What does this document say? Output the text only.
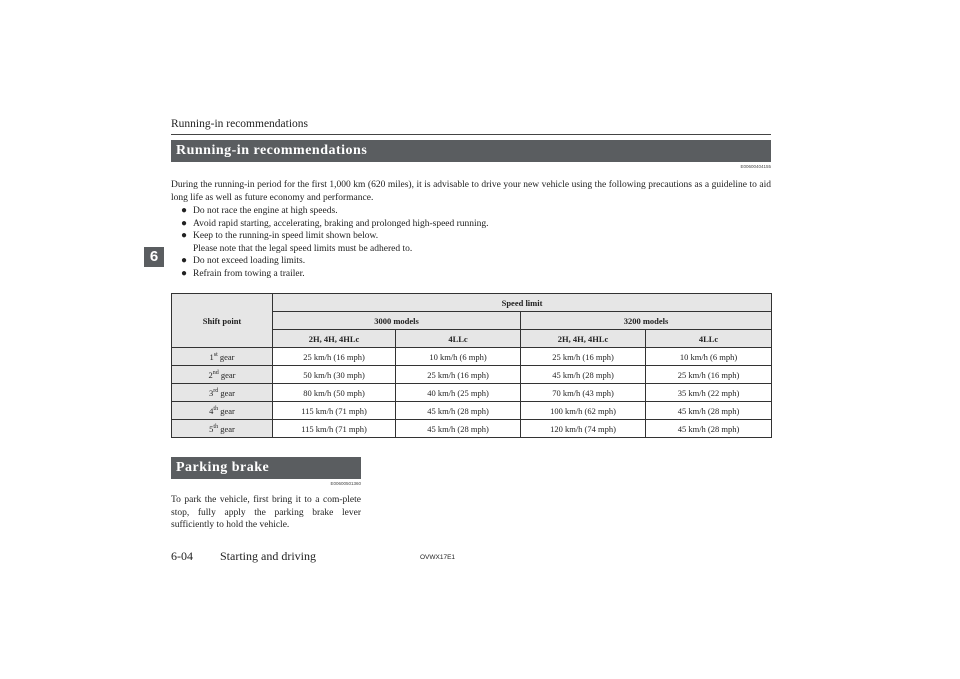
Running-in recommendations
6
Running-in recommendations
E00600404155

During the running-in period for the first 1,000 km (620 miles), it is advisable to drive your new vehicle using the following precautions as a guideline to aid long life as well as future economy and performance.

● Do not race the engine at high speeds.
● Avoid rapid starting, accelerating, braking and prolonged high-speed running.
● Keep to the running-in speed limit shown below.
Please note that the legal speed limits must be adhered to.
● Do not exceed loading limits.
● Refrain from towing a trailer.
Shift point	Speed limit			
	3000 models		3200 models	
	2H, 4H, 4HLc	4LLc	2H, 4H, 4HLc	4LLc
1st gear	25 km/h (16 mph)	10 km/h (6 mph)	25 km/h (16 mph)	10 km/h (6 mph)
2nd gear	50 km/h (30 mph)	25 km/h (16 mph)	45 km/h (28 mph)	25 km/h (16 mph)
3rd gear	80 km/h (50 mph)	40 km/h (25 mph)	70 km/h (43 mph)	35 km/h (22 mph)
4th gear	115 km/h (71 mph)	45 km/h (28 mph)	100 km/h (62 mph)	45 km/h (28 mph)
5th gear	115 km/h (71 mph)	45 km/h (28 mph)	120 km/h (74 mph)	45 km/h (28 mph)
Parking brake
E00600501360

To park the vehicle, first bring it to a com-plete stop, fully apply the parking brake lever sufficiently to hold the vehicle.

6-04 Starting and driving	OVWX17E1
